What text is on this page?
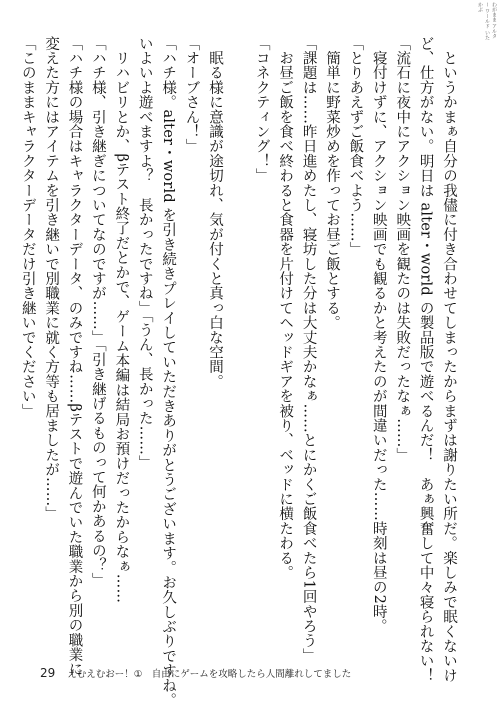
　というかまぁ自分の我儘に付き合わせてしまったからまずは謝りたい所だ。楽しみで眠くないけ

ど、仕方がない。明日は alter・world の製品版で遊べるんだ！　あぁ興奮して中々寝られない！

「流石に夜中にアクション映画を観たのは失敗だったなぁ……」

　寝付けずに、アクション映画でも観るかと考えたのが間違いだった……時刻は昼の2時。

「とりあえずご飯食べよう……」

　簡単に野菜炒めを作ってお昼ご飯とする。

「課題は……昨日進めたし、寝坊した分は大丈夫かなぁ……とにかくご飯食べたら1回やろう」

　お昼ご飯を食べ終わると食器を片付けてヘッドギアを被り、ベッドに横たわる。

「コネクティング！」

　眠る様に意識が途切れ、気が付くと真っ白な空間。

「オーブさん！」

「ハチ様。alter・world を引き続きプレイしていただきありがとうございます。お久しぶりですね。

いよいよ遊べますよ？　長かったですね」「うん、長かった……」

　リハビリとか、βテスト終了だとかで、ゲーム本編は結局お預けだったからなぁ……

「ハチ様、引き継ぎについてなのですが……」「引き継げるものって何かあるの？」

「ハチ様の場合はキャラクターデータ、のみですね……βテストで遊んでいた職業から別の職業に

変えた方にはアイテムを引き継いで別職業に就く方等も居ましたが……」

「このままキャラクターデータだけ引き継いでください」

わがまま アルター ワールド いた かぶ
29 えむえむおー！①　自由にゲームを攻略したら人間離れしてました
